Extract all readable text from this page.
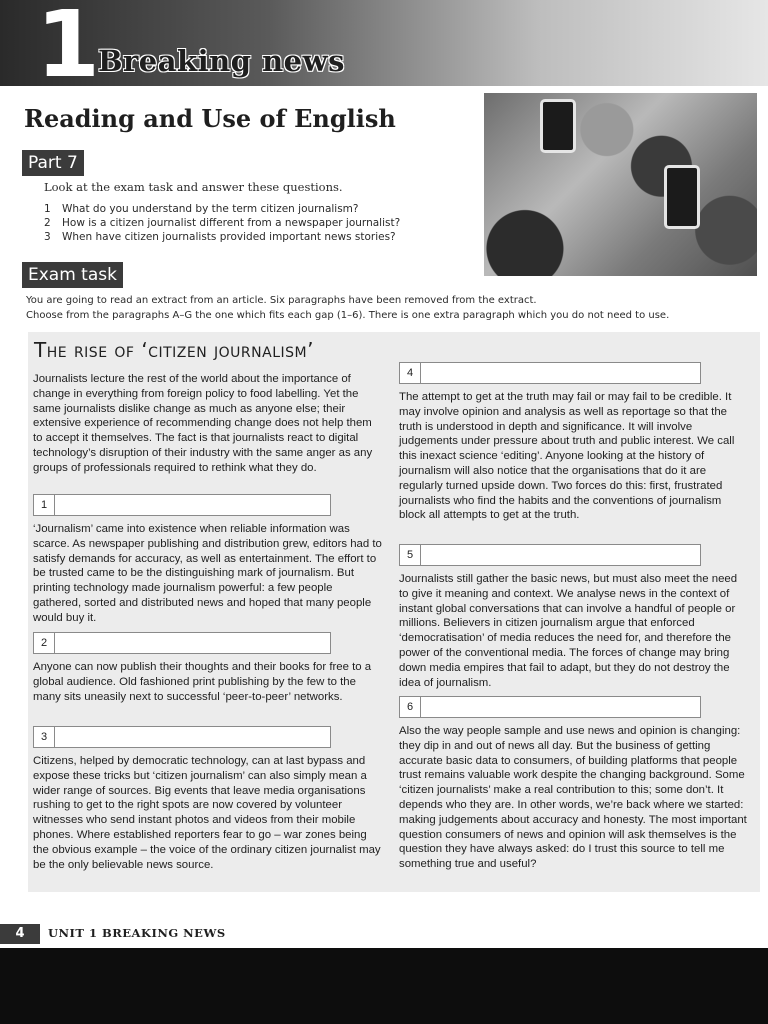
1
Breaking news
Reading and Use of English
Part 7
Look at the exam task and answer these questions.
1 What do you understand by the term citizen journalism?
2 How is a citizen journalist different from a newspaper journalist?
3 When have citizen journalists provided important news stories?
Exam task
You are going to read an extract from an article. Six paragraphs have been removed from the extract.
Choose from the paragraphs A–G the one which fits each gap (1–6). There is one extra paragraph which you do not need to use.
The rise of ‘citizen journalism’
Journalists lecture the rest of the world about the importance of change in everything from foreign policy to food labelling. Yet the same journalists dislike change as much as anyone else; their extensive experience of recommending change does not help them to accept it themselves. The fact is that journalists react to digital technology’s disruption of their industry with the same anger as any groups of professionals required to rethink what they do.
1
‘Journalism’ came into existence when reliable information was scarce. As newspaper publishing and distribution grew, editors had to satisfy demands for accuracy, as well as entertainment. The effort to be trusted came to be the distinguishing mark of journalism. But printing technology made journalism powerful: a few people gathered, sorted and distributed news and hoped that many people would buy it.
2
Anyone can now publish their thoughts and their books for free to a global audience. Old fashioned print publishing by the few to the many sits uneasily next to successful ‘peer-to-peer’ networks.
3
Citizens, helped by democratic technology, can at last bypass and expose these tricks but ‘citizen journalism’ can also simply mean a wider range of sources. Big events that leave media organisations rushing to get to the right spots are now covered by volunteer witnesses who send instant photos and videos from their mobile phones. Where established reporters fear to go – war zones being the obvious example – the voice of the ordinary citizen journalist may be the only believable news source.
4
The attempt to get at the truth may fail or may fail to be credible. It may involve opinion and analysis as well as reportage so that the truth is understood in depth and significance. It will involve judgements under pressure about truth and public interest. We call this inexact science ‘editing’. Anyone looking at the history of journalism will also notice that the organisations that do it are regularly turned upside down. Two forces do this: first, frustrated journalists who find the habits and the conventions of journalism block all attempts to get at the truth.
5
Journalists still gather the basic news, but must also meet the need to give it meaning and context. We analyse news in the context of instant global conversations that can involve a handful of people or millions. Believers in citizen journalism argue that enforced ‘democratisation’ of media reduces the need for, and therefore the power of the conventional media. The forces of change may bring down media empires that fail to adapt, but they do not destroy the idea of journalism.
6
Also the way people sample and use news and opinion is changing: they dip in and out of news all day. But the business of getting accurate basic data to consumers, of building platforms that people trust remains valuable work despite the changing background. Some ‘citizen journalists’ make a real contribution to this; some don’t. It depends who they are. In other words, we’re back where we started: making judgements about accuracy and honesty. The most important question consumers of news and opinion will ask themselves is the question they have always asked: do I trust this source to tell me something true and useful?
4	UNIT 1 BREAKING NEWS
